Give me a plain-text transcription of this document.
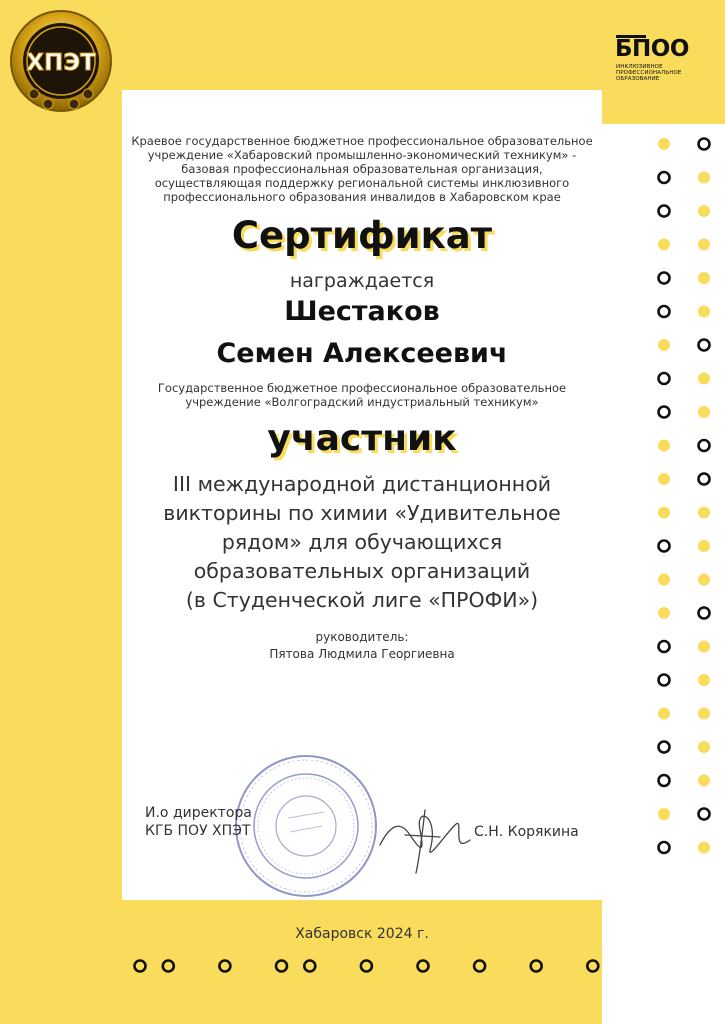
ХПЭТ
БПОО
ИНКЛЮЗИВНОЕ
ПРОФЕССИОНАЛЬНОЕ
ОБРАЗОВАНИЕ
Краевое государственное бюджетное профессиональное образовательное учреждение «Хабаровский промышленно-экономический техникум» - базовая профессиональная образовательная организация, осуществляющая поддержку региональной системы инклюзивного профессионального образования инвалидов в Хабаровском крае
Сертификат
награждается
Шестаков
Семен Алексеевич
Государственное бюджетное профессиональное образовательное учреждение «Волгоградский индустриальный техникум»
участник
III международной дистанционной
викторины по химии «Удивительное
рядом» для обучающихся
образовательных организаций
(в Студенческой лиге «ПРОФИ»)
руководитель:
Пятова Людмила Георгиевна
И.о директора
КГБ ПОУ ХПЭТ	С.Н. Корякина
Хабаровск 2024 г.
